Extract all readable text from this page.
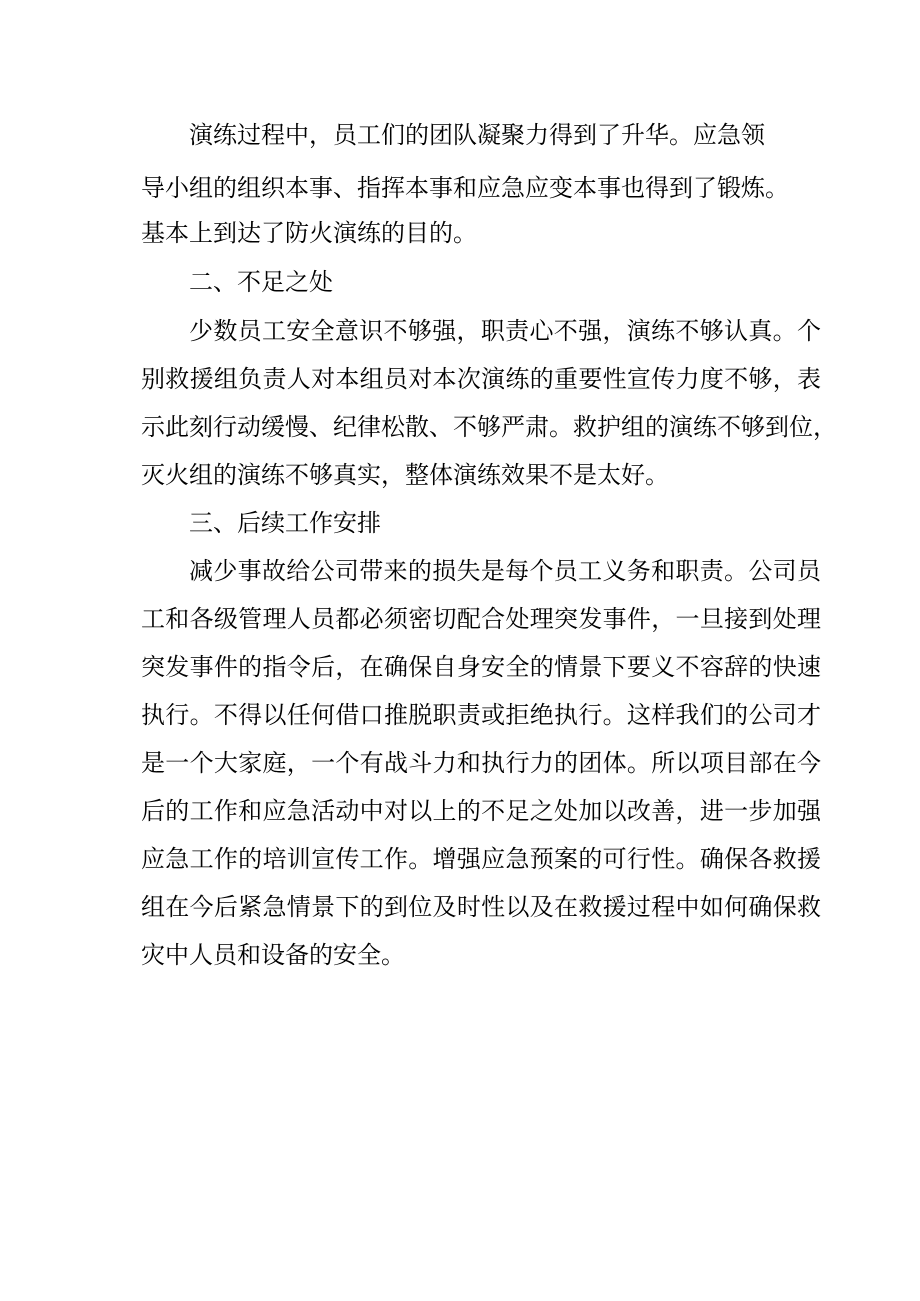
演练过程中，员工们的团队凝聚力得到了升华。应急领
导小组的组织本事、指挥本事和应急应变本事也得到了锻炼。
基本上到达了防火演练的目的。
二、不足之处
少数员工安全意识不够强，职责心不强，演练不够认真。个
别救援组负责人对本组员对本次演练的重要性宣传力度不够，表
示此刻行动缓慢、纪律松散、不够严肃。救护组的演练不够到位，
灭火组的演练不够真实，整体演练效果不是太好。
三、后续工作安排
减少事故给公司带来的损失是每个员工义务和职责。公司员
工和各级管理人员都必须密切配合处理突发事件，一旦接到处理
突发事件的指令后，在确保自身安全的情景下要义不容辞的快速
执行。不得以任何借口推脱职责或拒绝执行。这样我们的公司才
是一个大家庭，一个有战斗力和执行力的团体。所以项目部在今
后的工作和应急活动中对以上的不足之处加以改善，进一步加强
应急工作的培训宣传工作。增强应急预案的可行性。确保各救援
组在今后紧急情景下的到位及时性以及在救援过程中如何确保救
灾中人员和设备的安全。
